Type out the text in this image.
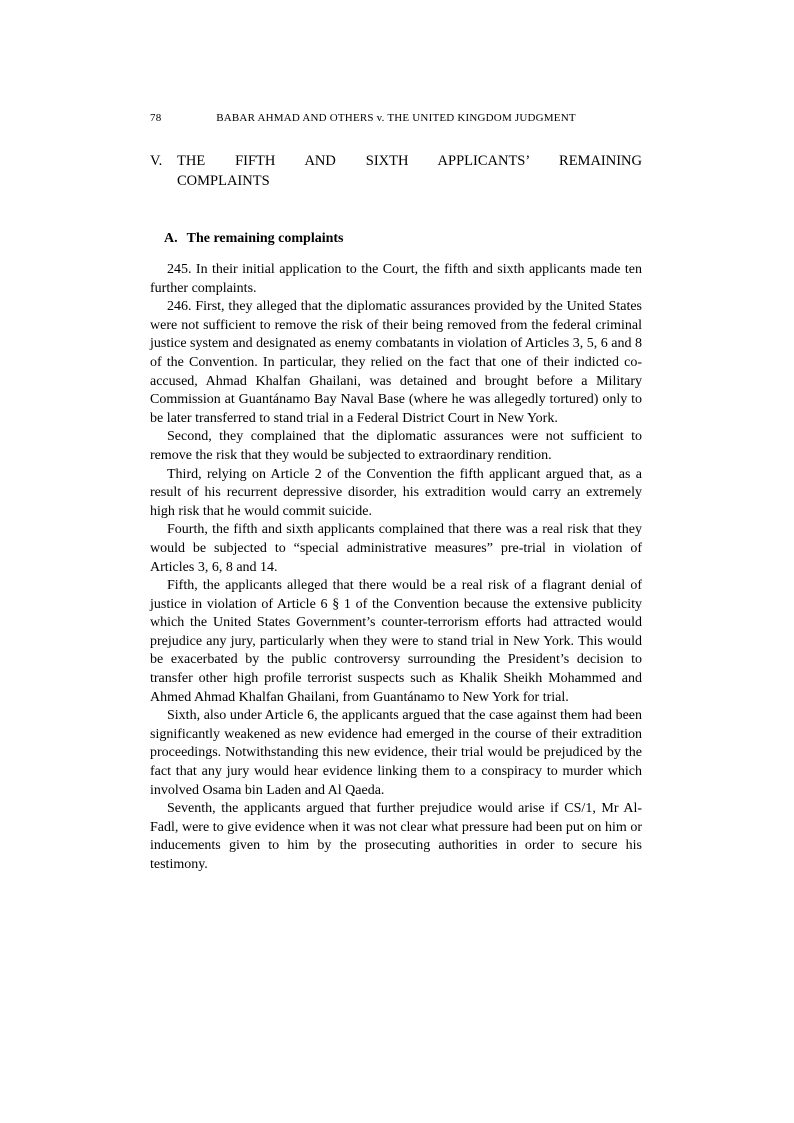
78	BABAR AHMAD AND OTHERS v. THE UNITED KINGDOM JUDGMENT
V.	THE FIFTH AND SIXTH APPLICANTS’ REMAINING
COMPLAINTS
A. The remaining complaints

245. In their initial application to the Court, the fifth and sixth applicants made ten further complaints.

246. First, they alleged that the diplomatic assurances provided by the United States were not sufficient to remove the risk of their being removed from the federal criminal justice system and designated as enemy combatants in violation of Articles 3, 5, 6 and 8 of the Convention. In particular, they relied on the fact that one of their indicted co-accused, Ahmad Khalfan Ghailani, was detained and brought before a Military Commission at Guantánamo Bay Naval Base (where he was allegedly tortured) only to be later transferred to stand trial in a Federal District Court in New York.

Second, they complained that the diplomatic assurances were not sufficient to remove the risk that they would be subjected to extraordinary rendition.

Third, relying on Article 2 of the Convention the fifth applicant argued that, as a result of his recurrent depressive disorder, his extradition would carry an extremely high risk that he would commit suicide.

Fourth, the fifth and sixth applicants complained that there was a real risk that they would be subjected to “special administrative measures” pre-trial in violation of Articles 3, 6, 8 and 14.

Fifth, the applicants alleged that there would be a real risk of a flagrant denial of justice in violation of Article 6 § 1 of the Convention because the extensive publicity which the United States Government’s counter-terrorism efforts had attracted would prejudice any jury, particularly when they were to stand trial in New York. This would be exacerbated by the public controversy surrounding the President’s decision to transfer other high profile terrorist suspects such as Khalik Sheikh Mohammed and Ahmed Ahmad Khalfan Ghailani, from Guantánamo to New York for trial.

Sixth, also under Article 6, the applicants argued that the case against them had been significantly weakened as new evidence had emerged in the course of their extradition proceedings. Notwithstanding this new evidence, their trial would be prejudiced by the fact that any jury would hear evidence linking them to a conspiracy to murder which involved Osama bin Laden and Al Qaeda.

Seventh, the applicants argued that further prejudice would arise if CS/1, Mr Al-Fadl, were to give evidence when it was not clear what pressure had been put on him or inducements given to him by the prosecuting authorities in order to secure his testimony.
